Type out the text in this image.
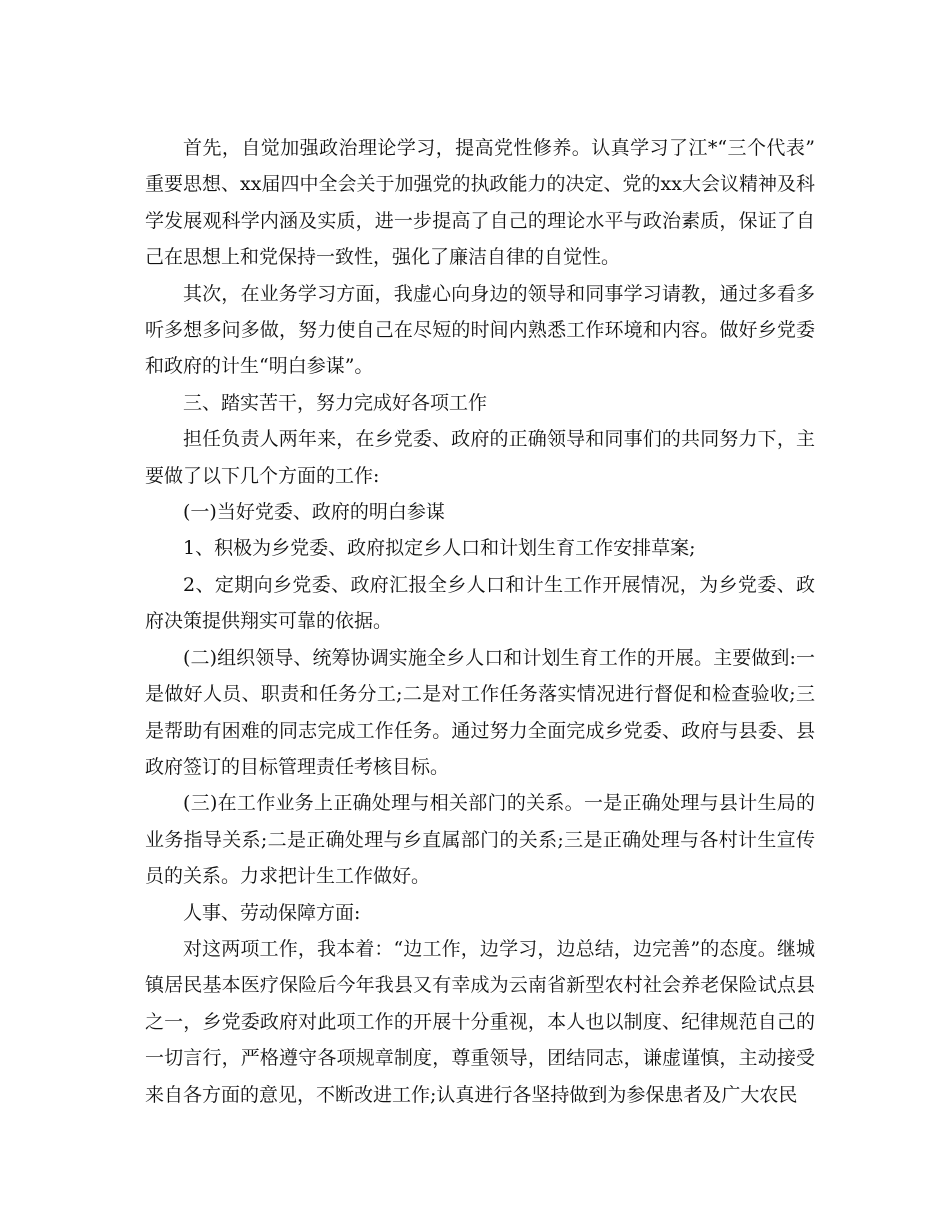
首先，自觉加强政治理论学习，提高党性修养。认真学习了江*“三个代表”重要思想、xx届四中全会关于加强党的执政能力的决定、党的xx大会议精神及科学发展观科学内涵及实质，进一步提高了自己的理论水平与政治素质，保证了自己在思想上和党保持一致性，强化了廉洁自律的自觉性。

其次，在业务学习方面，我虚心向身边的领导和同事学习请教，通过多看多听多想多问多做，努力使自己在尽短的时间内熟悉工作环境和内容。做好乡党委和政府的计生“明白参谋”。

三、踏实苦干，努力完成好各项工作

担任负责人两年来，在乡党委、政府的正确领导和同事们的共同努力下，主要做了以下几个方面的工作:

(一)当好党委、政府的明白参谋

1、积极为乡党委、政府拟定乡人口和计划生育工作安排草案;

2、定期向乡党委、政府汇报全乡人口和计生工作开展情况，为乡党委、政府决策提供翔实可靠的依据。

(二)组织领导、统筹协调实施全乡人口和计划生育工作的开展。主要做到:一是做好人员、职责和任务分工;二是对工作任务落实情况进行督促和检查验收;三是帮助有困难的同志完成工作任务。通过努力全面完成乡党委、政府与县委、县政府签订的目标管理责任考核目标。

(三)在工作业务上正确处理与相关部门的关系。一是正确处理与县计生局的业务指导关系;二是正确处理与乡直属部门的关系;三是正确处理与各村计生宣传员的关系。力求把计生工作做好。

人事、劳动保障方面:

对这两项工作，我本着：“边工作，边学习，边总结，边完善”的态度。继城镇居民基本医疗保险后今年我县又有幸成为云南省新型农村社会养老保险试点县之一，乡党委政府对此项工作的开展十分重视，本人也以制度、纪律规范自己的一切言行，严格遵守各项规章制度，尊重领导，团结同志，谦虚谨慎，主动接受来自各方面的意见，不断改进工作;认真进行各坚持做到为参保患者及广大农民
